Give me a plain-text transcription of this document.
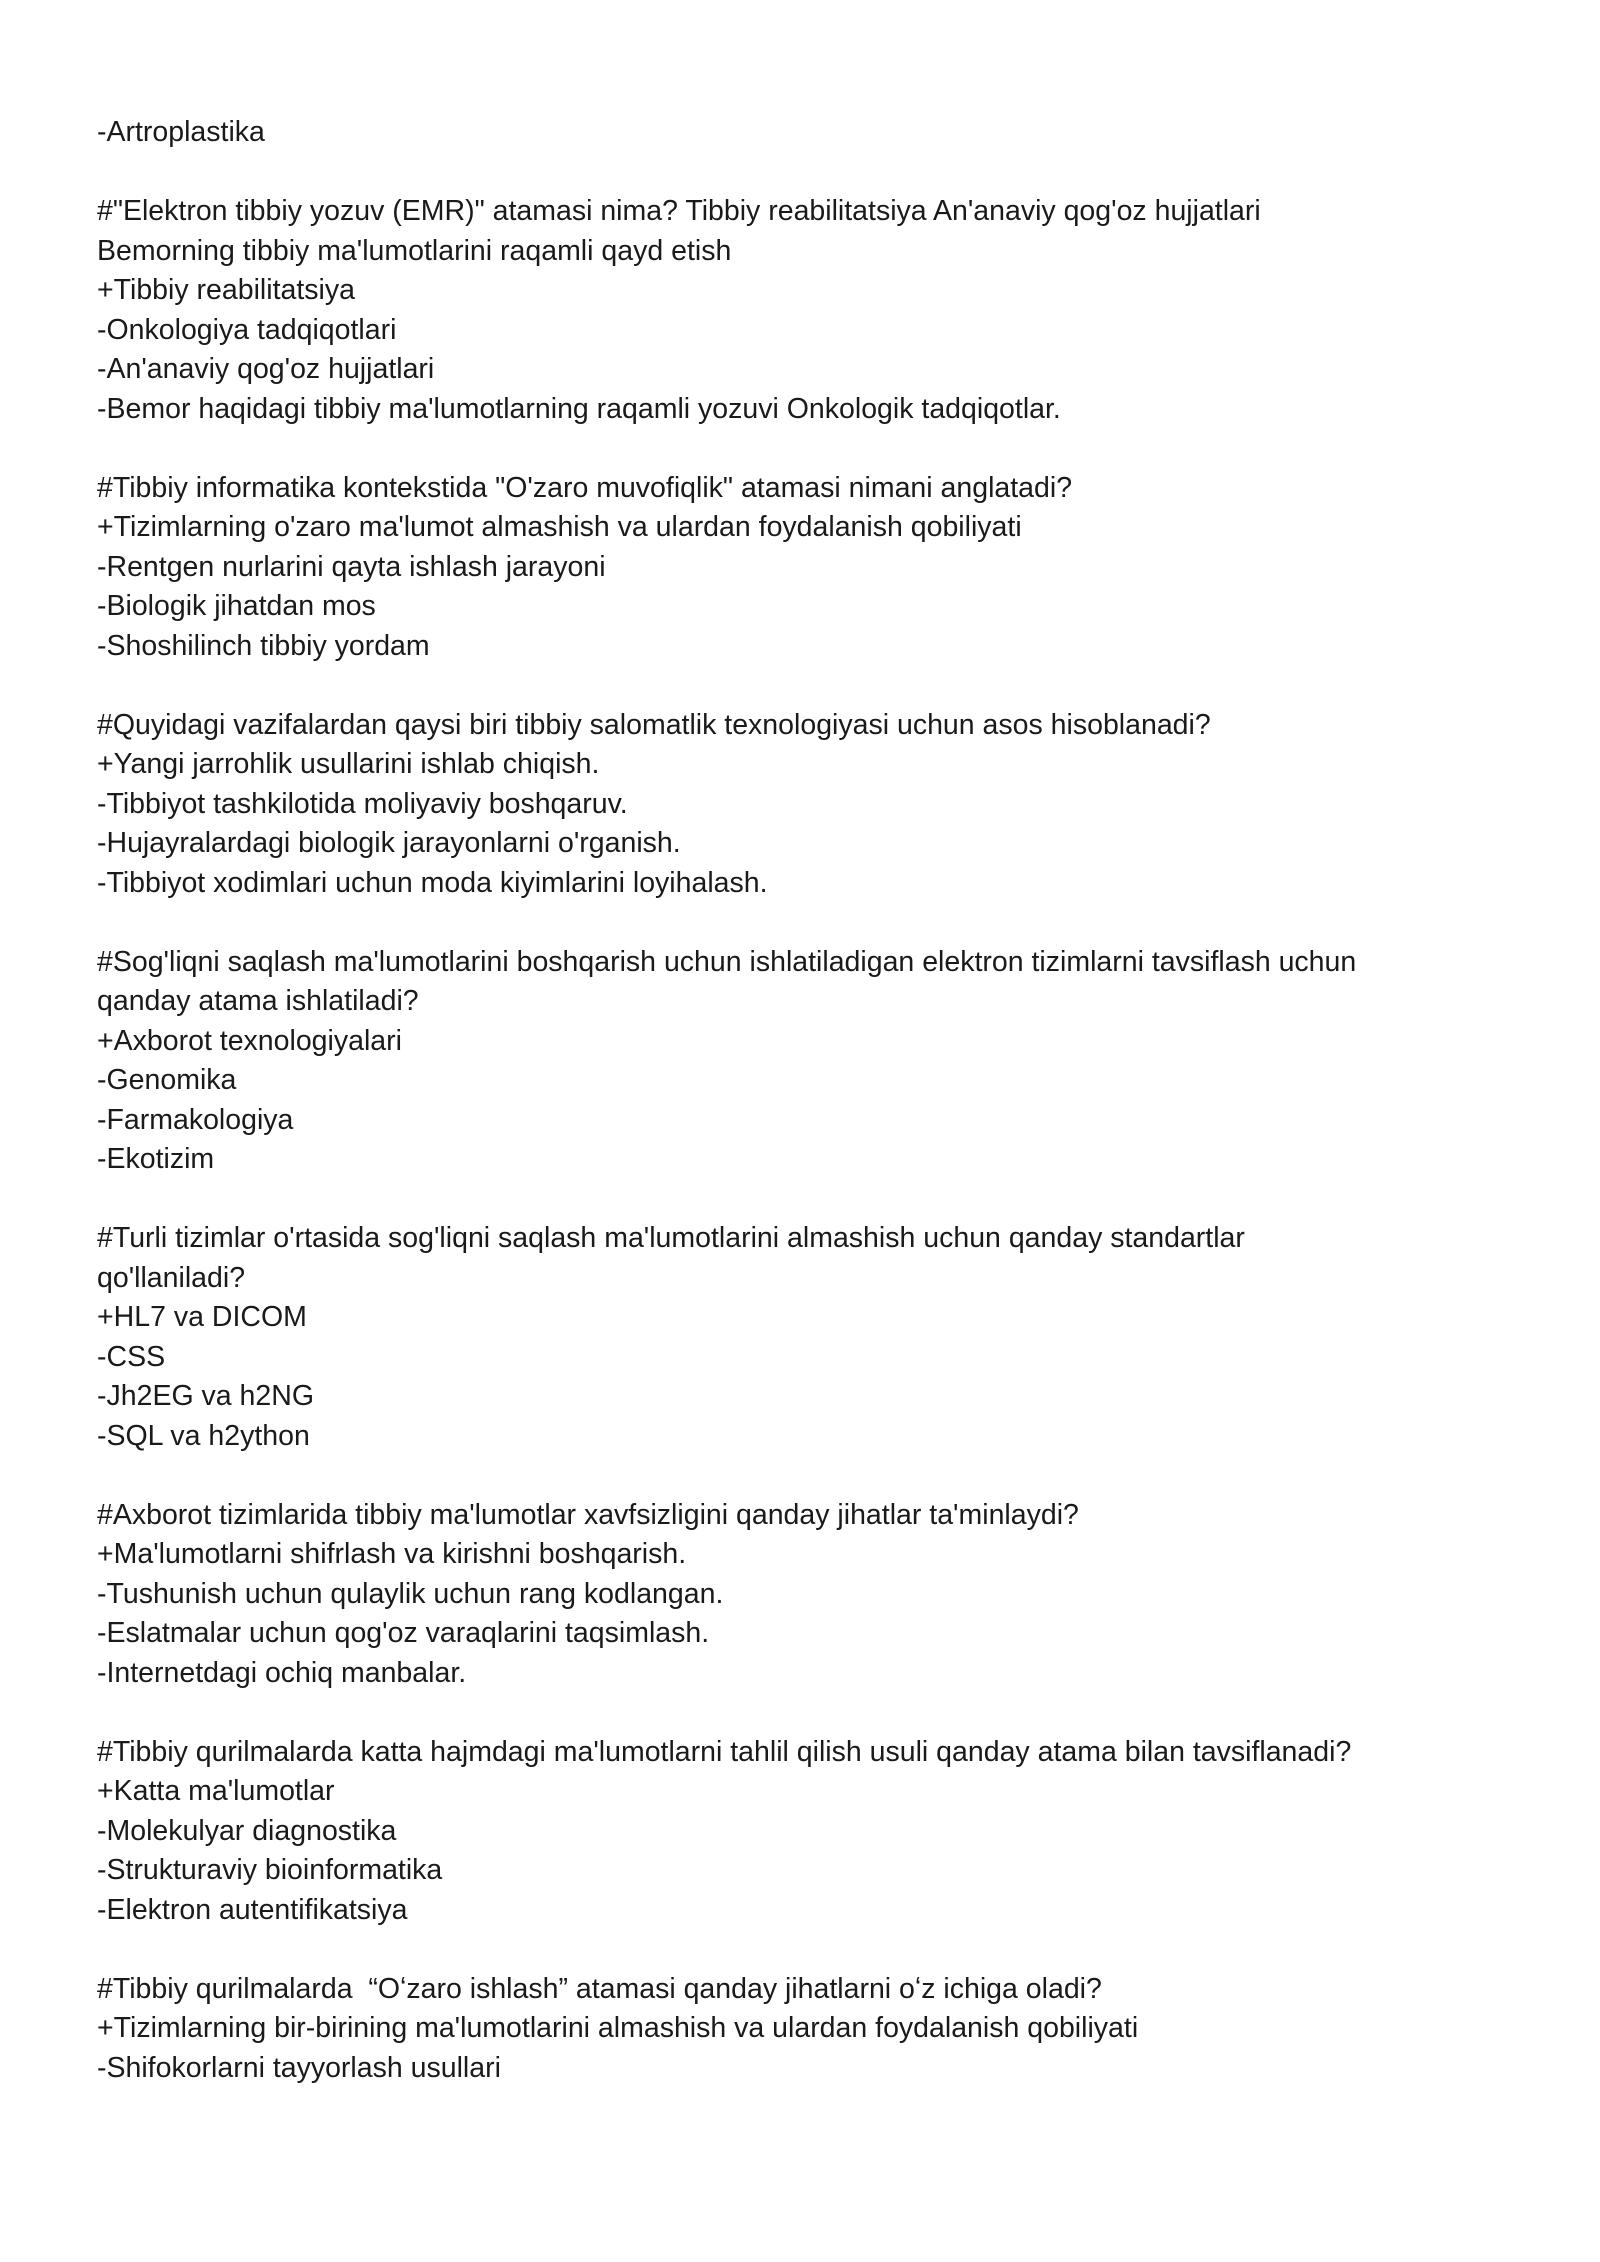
-Artroplastika
#"Elektron tibbiy yozuv (EMR)" atamasi nima? Tibbiy reabilitatsiya An'anaviy qog'oz hujjatlari
Bemorning tibbiy ma'lumotlarini raqamli qayd etish
+Tibbiy reabilitatsiya
-Onkologiya tadqiqotlari
-An'anaviy qog'oz hujjatlari
-Bemor haqidagi tibbiy ma'lumotlarning raqamli yozuvi Onkologik tadqiqotlar.
#Tibbiy informatika kontekstida "O'zaro muvofiqlik" atamasi nimani anglatadi?
+Tizimlarning o'zaro ma'lumot almashish va ulardan foydalanish qobiliyati
-Rentgen nurlarini qayta ishlash jarayoni
-Biologik jihatdan mos
-Shoshilinch tibbiy yordam
#Quyidagi vazifalardan qaysi biri tibbiy salomatlik texnologiyasi uchun asos hisoblanadi?
+Yangi jarrohlik usullarini ishlab chiqish.
-Tibbiyot tashkilotida moliyaviy boshqaruv.
-Hujayralardagi biologik jarayonlarni o'rganish.
-Tibbiyot xodimlari uchun moda kiyimlarini loyihalash.
#Sog'liqni saqlash ma'lumotlarini boshqarish uchun ishlatiladigan elektron tizimlarni tavsiflash uchun
qanday atama ishlatiladi?
+Axborot texnologiyalari
-Genomika
-Farmakologiya
-Ekotizim
#Turli tizimlar o'rtasida sog'liqni saqlash ma'lumotlarini almashish uchun qanday standartlar
qo'llaniladi?
+HL7 va DICOM
-CSS
-Jh2EG va h2NG
-SQL va h2ython
#Axborot tizimlarida tibbiy ma'lumotlar xavfsizligini qanday jihatlar ta'minlaydi?
+Ma'lumotlarni shifrlash va kirishni boshqarish.
-Tushunish uchun qulaylik uchun rang kodlangan.
-Eslatmalar uchun qog'oz varaqlarini taqsimlash.
-Internetdagi ochiq manbalar.
#Tibbiy qurilmalarda katta hajmdagi ma'lumotlarni tahlil qilish usuli qanday atama bilan tavsiflanadi?
+Katta ma'lumotlar
-Molekulyar diagnostika
-Strukturaviy bioinformatika
-Elektron autentifikatsiya
#Tibbiy qurilmalarda  “Oʻzaro ishlash” atamasi qanday jihatlarni oʻz ichiga oladi?
+Tizimlarning bir-birining ma'lumotlarini almashish va ulardan foydalanish qobiliyati
-Shifokorlarni tayyorlash usullari
